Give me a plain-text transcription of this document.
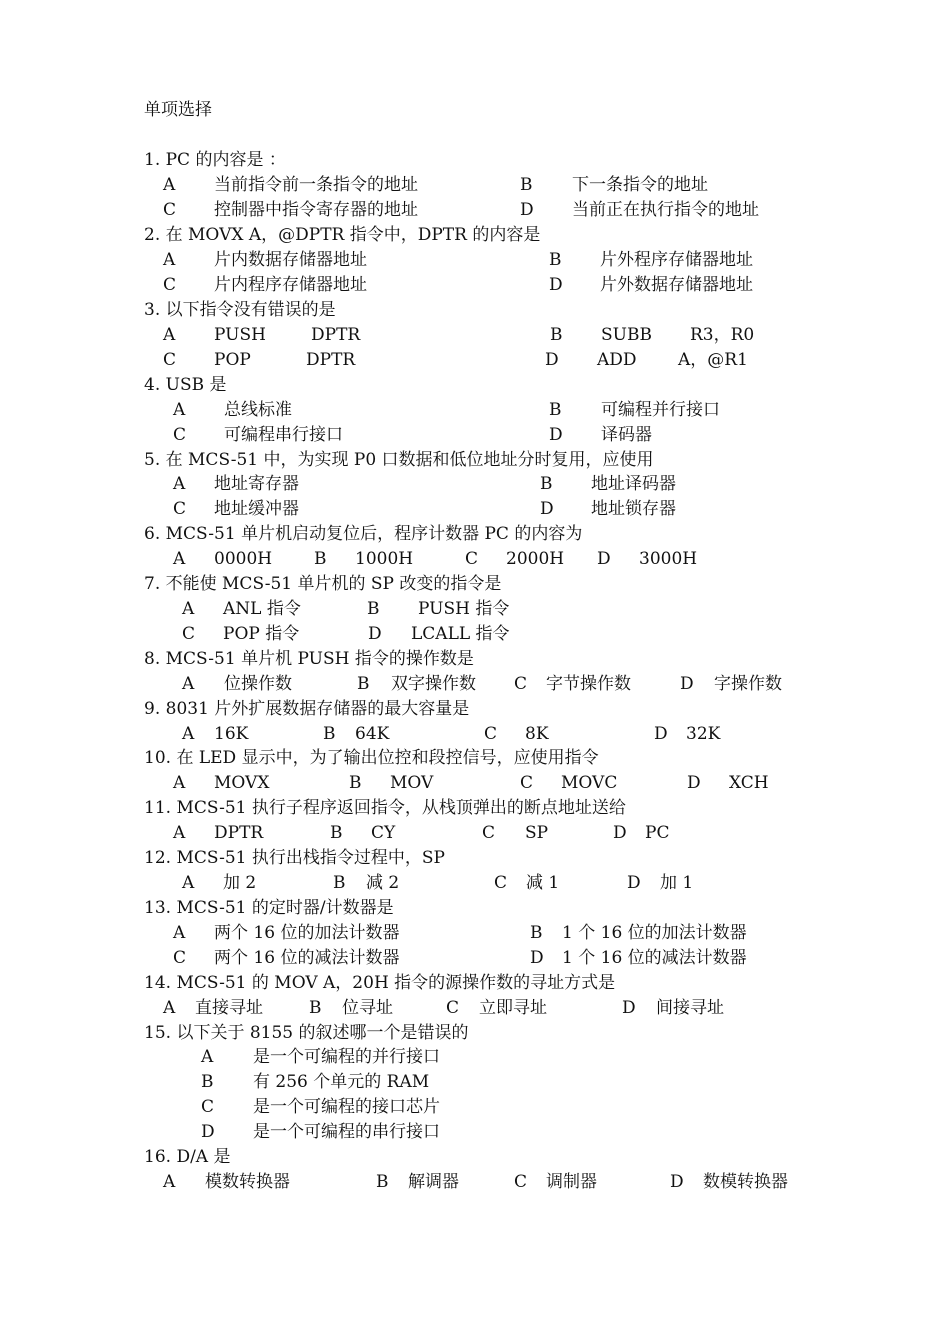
单项选择
1. PC 的内容是 ：
A 当前指令前一条指令的地址	B 下一条指令的地址
C 控制器中指令寄存器的地址	D 当前正在执行指令的地址
2. 在 MOVX A，@DPTR 指令中，DPTR 的内容是
A 片内数据存储器地址	B 片外程序存储器地址
C 片内程序存储器地址	D 片外数据存储器地址
3. 以下指令没有错误的是
A PUSH	DPTR	B SUBB R3，R0
C POP	DPTR	D ADD A，@R1
4. USB 是
A 总线标准	B 可编程并行接口
C 可编程串行接口	D 译码器
5. 在 MCS-51 中，为实现 P0 口数据和低位地址分时复用，应使用
A 地址寄存器	B 地址译码器
C 地址缓冲器	D 地址锁存器
6. MCS-51 单片机启动复位后，程序计数器 PC 的内容为
A 0000H B 1000H	C 2000H D 3000H
7. 不能使 MCS-51 单片机的 SP 改变的指令是
A ANL 指令	B PUSH 指令
C POP 指令	D LCALL 指令
8. MCS-51 单片机 PUSH 指令的操作数是
A 位操作数	B 双字操作数 C 字节操作数	D 字操作数
9. 8031 片外扩展数据存储器的最大容量是
A 16K	B 64K	C 8K	D 32K
10. 在 LED 显示中，为了输出位控和段控信号，应使用指令
A MOVX	B MOV	C MOVC	D XCH
11. MCS-51 执行子程序返回指令，从栈顶弹出的断点地址送给
A DPTR	B CY	C SP	D PC
12. MCS-51 执行出栈指令过程中，SP
A 加 2	B 减 2	C 减 1	D 加 1
13. MCS-51 的定时器/计数器是
A 两个 16 位的加法计数器	B 1 个 16 位的加法计数器
C 两个 16 位的减法计数器	D 1 个 16 位的减法计数器
14. MCS-51 的 MOV A，20H 指令的源操作数的寻址方式是
A 直接寻址	B 位寻址	C 立即寻址	D 间接寻址
15. 以下关于 8155 的叙述哪一个是错误的
A 是一个可编程的并行接口
B 有 256 个单元的 RAM
C 是一个可编程的接口芯片
D 是一个可编程的串行接口
16. D/A 是
A 模数转换器	B 解调器	C 调制器	D 数模转换器
